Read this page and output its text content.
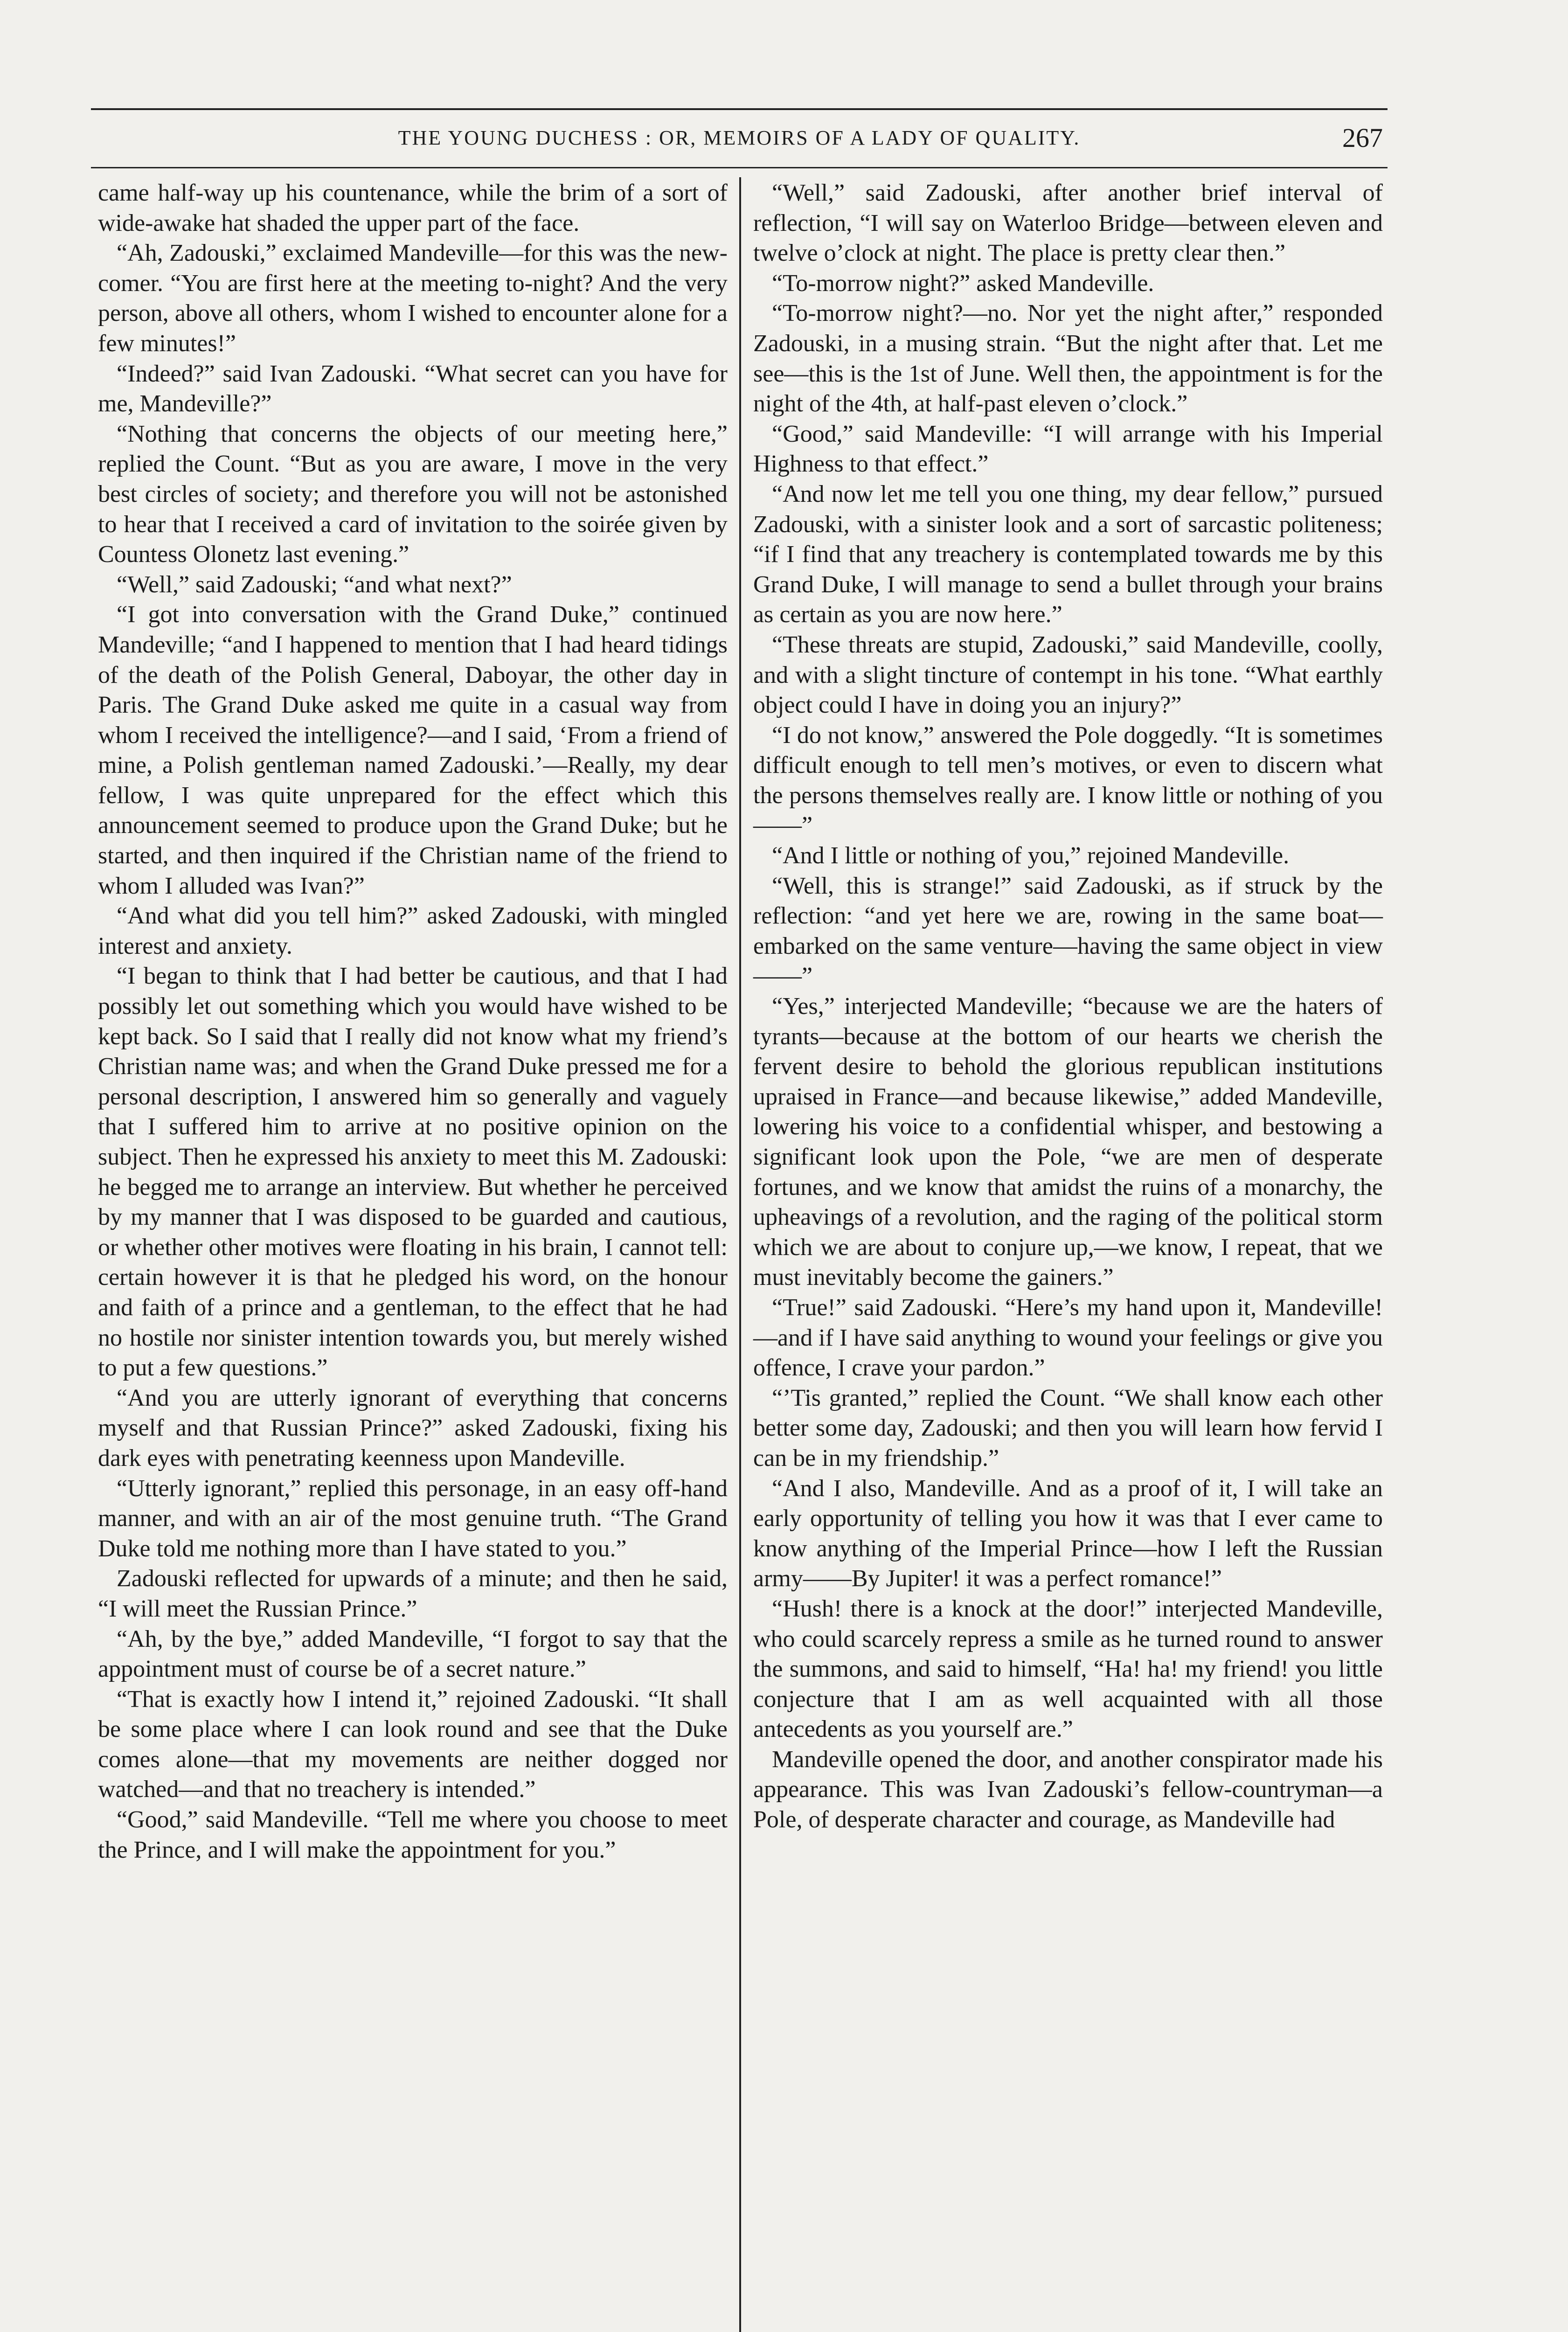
THE YOUNG DUCHESS : OR, MEMOIRS OF A LADY OF QUALITY.	267

came half-way up his countenance, while the brim of a sort of wide-awake hat shaded the upper part of the face.

“Ah, Zadouski,” exclaimed Mandeville—for this was the new-comer. “You are first here at the meeting to-night? And the very person, above all others, whom I wished to encounter alone for a few minutes!”

“Indeed?” said Ivan Zadouski. “What secret can you have for me, Mandeville?”

“Nothing that concerns the objects of our meeting here,” replied the Count. “But as you are aware, I move in the very best circles of society; and therefore you will not be astonished to hear that I received a card of invitation to the soirée given by Countess Olonetz last evening.”

“Well,” said Zadouski; “and what next?”

“I got into conversation with the Grand Duke,” continued Mandeville; “and I happened to mention that I had heard tidings of the death of the Polish General, Daboyar, the other day in Paris. The Grand Duke asked me quite in a casual way from whom I received the intelligence?—and I said, ‘From a friend of mine, a Polish gentleman named Zadouski.’—Really, my dear fellow, I was quite unprepared for the effect which this announcement seemed to produce upon the Grand Duke; but he started, and then inquired if the Christian name of the friend to whom I alluded was Ivan?”

“And what did you tell him?” asked Zadouski, with mingled interest and anxiety.

“I began to think that I had better be cautious, and that I had possibly let out something which you would have wished to be kept back. So I said that I really did not know what my friend’s Christian name was; and when the Grand Duke pressed me for a personal description, I answered him so generally and vaguely that I suffered him to arrive at no positive opinion on the subject. Then he expressed his anxiety to meet this M. Zadouski: he begged me to arrange an interview. But whether he perceived by my manner that I was disposed to be guarded and cautious, or whether other motives were floating in his brain, I cannot tell: certain however it is that he pledged his word, on the honour and faith of a prince and a gentleman, to the effect that he had no hostile nor sinister intention towards you, but merely wished to put a few questions.”

“And you are utterly ignorant of everything that concerns myself and that Russian Prince?” asked Zadouski, fixing his dark eyes with penetrating keenness upon Mandeville.

“Utterly ignorant,” replied this personage, in an easy off-hand manner, and with an air of the most genuine truth. “The Grand Duke told me nothing more than I have stated to you.”

Zadouski reflected for upwards of a minute; and then he said, “I will meet the Russian Prince.”

“Ah, by the bye,” added Mandeville, “I forgot to say that the appointment must of course be of a secret nature.”

“That is exactly how I intend it,” rejoined Zadouski. “It shall be some place where I can look round and see that the Duke comes alone—that my movements are neither dogged nor watched—and that no treachery is intended.”

“Good,” said Mandeville. “Tell me where you choose to meet the Prince, and I will make the appointment for you.”

“Well,” said Zadouski, after another brief interval of reflection, “I will say on Waterloo Bridge—between eleven and twelve o’clock at night. The place is pretty clear then.”

“To-morrow night?” asked Mandeville.

“To-morrow night?—no. Nor yet the night after,” responded Zadouski, in a musing strain. “But the night after that. Let me see—this is the 1st of June. Well then, the appointment is for the night of the 4th, at half-past eleven o’clock.”

“Good,” said Mandeville: “I will arrange with his Imperial Highness to that effect.”

“And now let me tell you one thing, my dear fellow,” pursued Zadouski, with a sinister look and a sort of sarcastic politeness; “if I find that any treachery is contemplated towards me by this Grand Duke, I will manage to send a bullet through your brains as certain as you are now here.”

“These threats are stupid, Zadouski,” said Mandeville, coolly, and with a slight tincture of contempt in his tone. “What earthly object could I have in doing you an injury?”

“I do not know,” answered the Pole doggedly. “It is sometimes difficult enough to tell men’s motives, or even to discern what the persons themselves really are. I know little or nothing of you——”

“And I little or nothing of you,” rejoined Mandeville.

“Well, this is strange!” said Zadouski, as if struck by the reflection: “and yet here we are, rowing in the same boat—embarked on the same venture—having the same object in view——”

“Yes,” interjected Mandeville; “because we are the haters of tyrants—because at the bottom of our hearts we cherish the fervent desire to behold the glorious republican institutions upraised in France—and because likewise,” added Mandeville, lowering his voice to a confidential whisper, and bestowing a significant look upon the Pole, “we are men of desperate fortunes, and we know that amidst the ruins of a monarchy, the upheavings of a revolution, and the raging of the political storm which we are about to conjure up,—we know, I repeat, that we must inevitably become the gainers.”

“True!” said Zadouski. “Here’s my hand upon it, Mandeville!—and if I have said anything to wound your feelings or give you offence, I crave your pardon.”

“’Tis granted,” replied the Count. “We shall know each other better some day, Zadouski; and then you will learn how fervid I can be in my friendship.”

“And I also, Mandeville. And as a proof of it, I will take an early opportunity of telling you how it was that I ever came to know anything of the Imperial Prince—how I left the Russian army——By Jupiter! it was a perfect romance!”

“Hush! there is a knock at the door!” interjected Mandeville, who could scarcely repress a smile as he turned round to answer the summons, and said to himself, “Ha! ha! my friend! you little conjecture that I am as well acquainted with all those antecedents as you yourself are.”

Mandeville opened the door, and another conspirator made his appearance. This was Ivan Zadouski’s fellow-countryman—a Pole, of desperate character and courage, as Mandeville had
